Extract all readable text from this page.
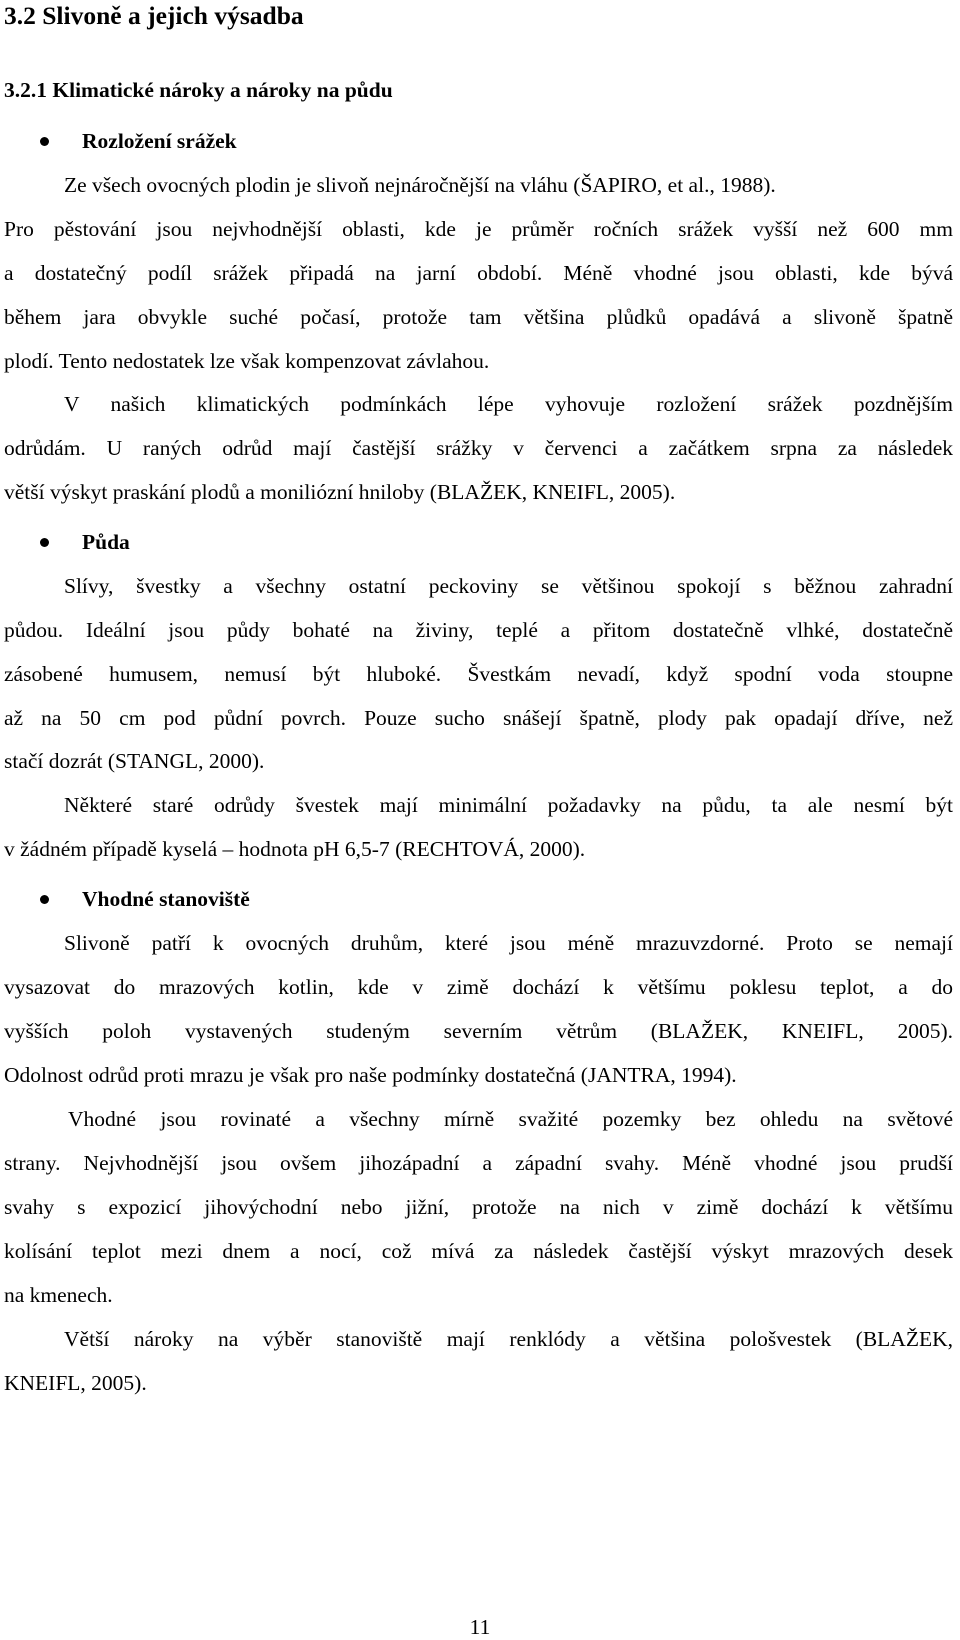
3.2 Slivoně a jejich výsadba
3.2.1 Klimatické nároky a nároky na půdu
Rozložení srážek
Ze všech ovocných plodin je slivoň nejnáročnější na vláhu (ŠAPIRO, et al., 1988).
Pro pěstování jsou nejvhodnější oblasti, kde je průměr ročních srážek vyšší než 600 mm
a dostatečný podíl srážek připadá na jarní období. Méně vhodné jsou oblasti, kde bývá
během jara obvykle suché počasí, protože tam většina plůdků opadává a slivoně špatně
plodí. Tento nedostatek lze však kompenzovat závlahou.
V našich klimatických podmínkách lépe vyhovuje rozložení srážek pozdnějším
odrůdám. U raných odrůd mají častější srážky v červenci a začátkem srpna za následek
větší výskyt praskání plodů a moniliózní hniloby (BLAŽEK, KNEIFL, 2005).
Půda
Slívy, švestky a všechny ostatní peckoviny se většinou spokojí s běžnou zahradní
půdou. Ideální jsou půdy bohaté na živiny, teplé a přitom dostatečně vlhké, dostatečně
zásobené humusem, nemusí být hluboké. Švestkám nevadí, když spodní voda stoupne
až na 50 cm pod půdní povrch. Pouze sucho snášejí špatně, plody pak opadají dříve, než
stačí dozrát (STANGL, 2000).
Některé staré odrůdy švestek mají minimální požadavky na půdu, ta ale nesmí být
v žádném případě kyselá – hodnota pH 6,5-7 (RECHTOVÁ, 2000).
Vhodné stanoviště
Slivoně patří k ovocných druhům, které jsou méně mrazuvzdorné. Proto se nemají
vysazovat do mrazových kotlin, kde v zimě dochází k většímu poklesu teplot, a do
vyšších poloh vystavených studeným severním větrům (BLAŽEK, KNEIFL, 2005).
Odolnost odrůd proti mrazu je však pro naše podmínky dostatečná (JANTRA, 1994).
Vhodné jsou rovinaté a všechny mírně svažité pozemky bez ohledu na světové
strany. Nejvhodnější jsou ovšem jihozápadní a západní svahy. Méně vhodné jsou prudší
svahy s expozicí jihovýchodní nebo jižní, protože na nich v zimě dochází k většímu
kolísání teplot mezi dnem a nocí, což mívá za následek častější výskyt mrazových desek
na kmenech.
Větší nároky na výběr stanoviště mají renklódy a většina pološvestek (BLAŽEK,
KNEIFL, 2005).
11
